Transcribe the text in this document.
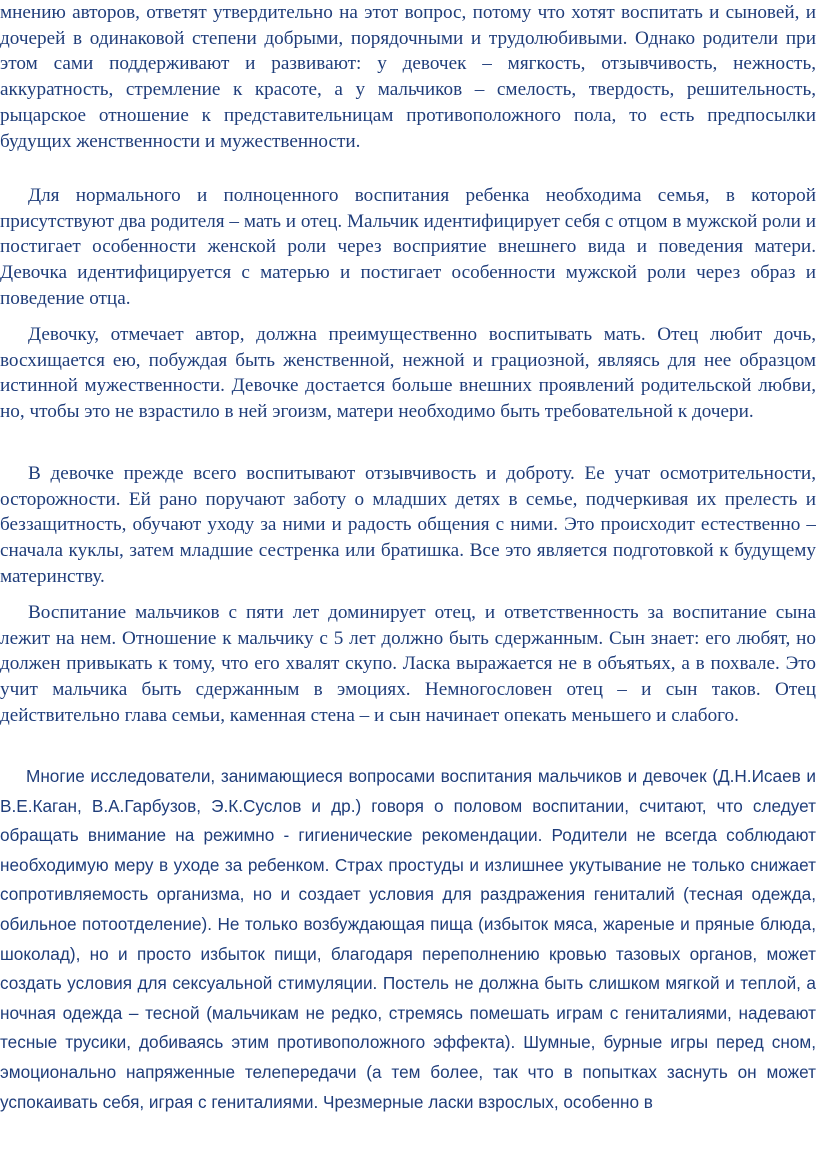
мнению авторов, ответят утвердительно на этот вопрос, потому что хотят воспитать и сыновей, и дочерей в одинаковой степени добрыми, порядочными и трудолюбивыми. Однако родители при этом сами поддерживают и развивают: у девочек – мягкость, отзывчивость, нежность, аккуратность, стремление к красоте, а у мальчиков – смелость, твердость, решительность, рыцарское отношение к представительницам противоположного пола, то есть предпосылки будущих женственности и мужественности.

Для нормального и полноценного воспитания ребенка необходима семья, в которой присутствуют два родителя – мать и отец. Мальчик идентифицирует себя с отцом в мужской роли и постигает особенности женской роли через восприятие внешнего вида и поведения матери. Девочка идентифицируется с матерью и постигает особенности мужской роли через образ и поведение отца.

Девочку, отмечает автор, должна преимущественно воспитывать мать. Отец любит дочь, восхищается ею, побуждая быть женственной, нежной и грациозной, являясь для нее образцом истинной мужественности. Девочке достается больше внешних проявлений родительской любви, но, чтобы это не взрастило в ней эгоизм, матери необходимо быть требовательной к дочери.

В девочке прежде всего воспитывают отзывчивость и доброту. Ее учат осмотрительности, осторожности. Ей рано поручают заботу о младших детях в семье, подчеркивая их прелесть и беззащитность, обучают уходу за ними и радость общения с ними. Это происходит естественно – сначала куклы, затем младшие сестренка или братишка. Все это является подготовкой к будущему материнству.

Воспитание мальчиков с пяти лет доминирует отец, и ответственность за воспитание сына лежит на нем. Отношение к мальчику с 5 лет должно быть сдержанным. Сын знает: его любят, но должен привыкать к тому, что его хвалят скупо. Ласка выражается не в объятьях, а в похвале. Это учит мальчика быть сдержанным в эмоциях. Немногословен отец – и сын таков. Отец действительно глава семьи, каменная стена – и сын начинает опекать меньшего и слабого.

Многие исследователи, занимающиеся вопросами воспитания мальчиков и девочек (Д.Н.Исаев и В.Е.Каган, В.А.Гарбузов, Э.К.Суслов и др.) говоря о половом воспитании, считают, что следует обращать внимание на режимно - гигиенические рекомендации. Родители не всегда соблюдают необходимую меру в уходе за ребенком. Страх простуды и излишнее укутывание не только снижает сопротивляемость организма, но и создает условия для раздражения гениталий (тесная одежда, обильное потоотделение). Не только возбуждающая пища (избыток мяса, жареные и пряные блюда, шоколад), но и просто избыток пищи, благодаря переполнению кровью тазовых органов, может создать условия для сексуальной стимуляции. Постель не должна быть слишком мягкой и теплой, а ночная одежда – тесной (мальчикам не редко, стремясь помешать играм с гениталиями, надевают тесные трусики, добиваясь этим противоположного эффекта). Шумные, бурные игры перед сном, эмоционально напряженные телепередачи (а тем более, так что в попытках заснуть он может успокаивать себя, играя с гениталиями. Чрезмерные ласки взрослых, особенно в
